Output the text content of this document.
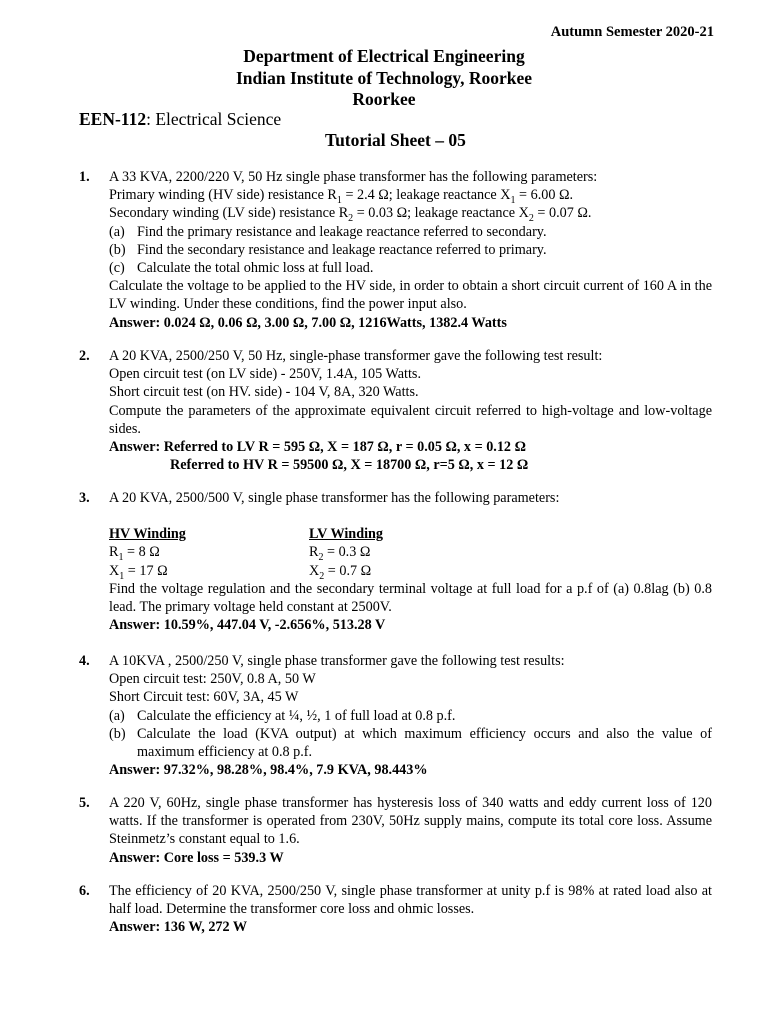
Autumn Semester 2020-21
Department of Electrical Engineering
Indian Institute of Technology, Roorkee
Roorkee
EEN-112: Electrical Science
Tutorial Sheet – 05
1. A 33 KVA, 2200/220 V, 50 Hz single phase transformer has the following parameters:
Primary winding (HV side) resistance $R_1 = 2.4$ Ω; leakage reactance $X_1 = 6.00$ Ω.
Secondary winding (LV side) resistance $R_2 = 0.03$ Ω; leakage reactance $X_2 = 0.07$ Ω.
(a) Find the primary resistance and leakage reactance referred to secondary.
(b) Find the secondary resistance and leakage reactance referred to primary.
(c) Calculate the total ohmic loss at full load.
Calculate the voltage to be applied to the HV side, in order to obtain a short circuit current of 160 A in the LV winding. Under these conditions, find the power input also.
Answer: 0.024 Ω, 0.06 Ω, 3.00 Ω, 7.00 Ω, 1216Watts, 1382.4 Watts
2. A 20 KVA, 2500/250 V, 50 Hz, single-phase transformer gave the following test result:
Open circuit test (on LV side) - 250V, 1.4A, 105 Watts.
Short circuit test (on HV. side) - 104 V, 8A, 320 Watts.
Compute the parameters of the approximate equivalent circuit referred to high-voltage and low-voltage sides.
Answer: Referred to LV R = 595 Ω, X = 187 Ω, r = 0.05 Ω, x = 0.12 Ω
Referred to HV R = 59500 Ω, X = 18700 Ω, r=5 Ω, x = 12 Ω
3. A 20 KVA, 2500/500 V, single phase transformer has the following parameters:
HV Winding	LV Winding
$R_1 = 8$ Ω	$R_2 = 0.3$ Ω
$X_1 = 17$ Ω	$X_2 = 0.7$ Ω
Find the voltage regulation and the secondary terminal voltage at full load for a p.f of (a) 0.8lag (b) 0.8 lead. The primary voltage held constant at 2500V.
Answer: 10.59%, 447.04 V, -2.656%, 513.28 V
4. A 10KVA , 2500/250 V, single phase transformer gave the following test results:
Open circuit test: 250V, 0.8 A, 50 W
Short Circuit test: 60V, 3A, 45 W
(a) Calculate the efficiency at ¼, ½, 1 of full load at 0.8 p.f.
(b) Calculate the load (KVA output) at which maximum efficiency occurs and also the value of maximum efficiency at 0.8 p.f.
Answer: 97.32%, 98.28%, 98.4%, 7.9 KVA, 98.443%
5. A 220 V, 60Hz, single phase transformer has hysteresis loss of 340 watts and eddy current loss of 120 watts. If the transformer is operated from 230V, 50Hz supply mains, compute its total core loss. Assume Steinmetz’s constant equal to 1.6.
Answer: Core loss = 539.3 W
6. The efficiency of 20 KVA, 2500/250 V, single phase transformer at unity p.f is 98% at rated load also at half load. Determine the transformer core loss and ohmic losses.
Answer: 136 W, 272 W
